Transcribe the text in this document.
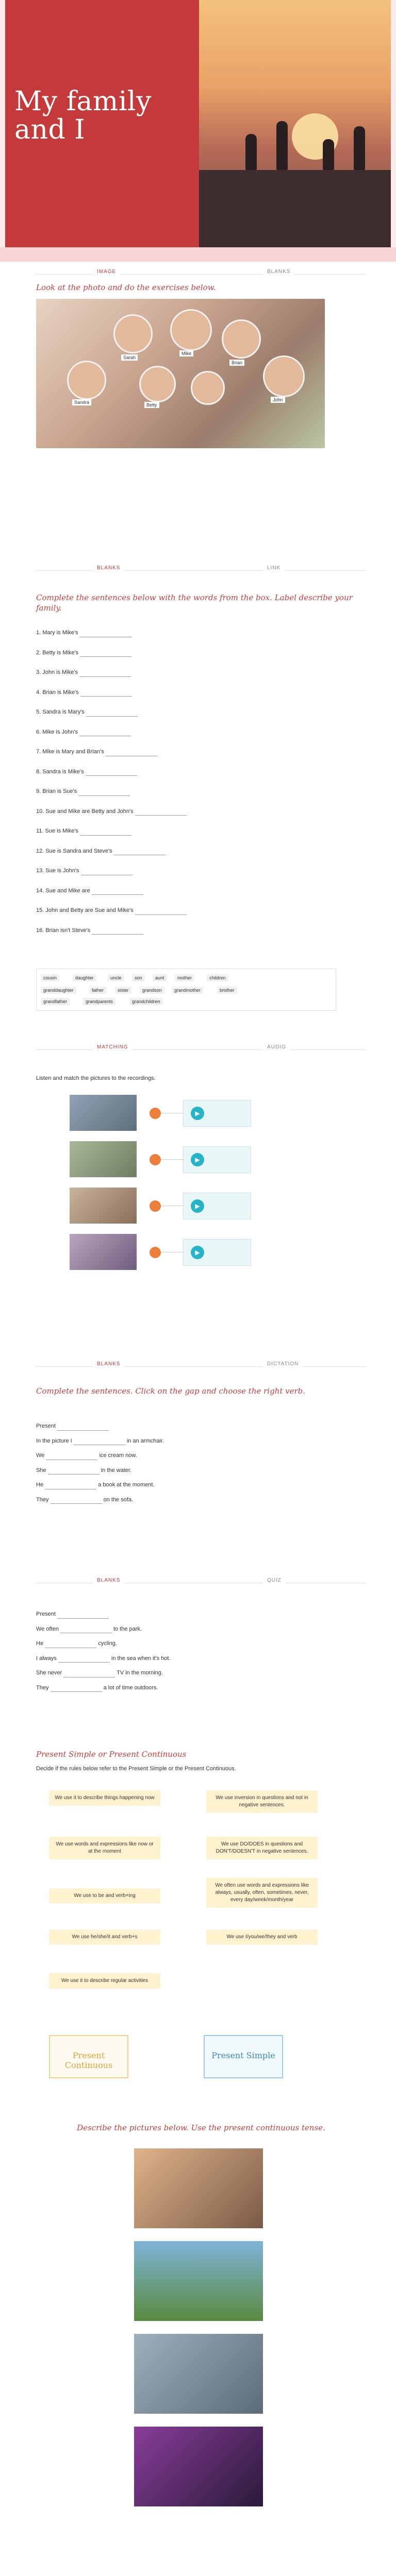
My family and I
IMAGE	BLANKS
Look at the photo and do the exercises below.
Sarah
Mike
Brian
Sandra	Betty
John
BLANKS	LINK
Complete the sentences below with the words from the box. Label describe your family.
1. Mary is Mike's
2. Betty is Mike's
3. John is Mike's
4. Brian is Mike's
5. Sandra is Mary's
6. Mike is John's
7. Mike is Mary and Brian's
8. Sandra is Mike's
9. Brian is Sue's
10. Sue and Mike are Betty and John's
11. Sue is Mike's
12. Sue is Sandra and Steve's
13. Sue is John's
14. Sue and Mike are
15. John and Betty are Sue and Mike's
16. Brian isn't Steve's
cousin	daughter	uncle	son	aunt	mother	children
granddaughter	father	sister	grandson	grandmother	brother
grandfather	grandparents	grandchildren
MATCHING	AUDIO
Listen and match the pictures to the recordings.
▶
▶
▶
▶
BLANKS	DICTATION
Complete the sentences. Click on the gap and choose the right verb.
Present
In the picture I	in an armchair.
We	ice cream now.
She	in the water.
He	a book at the moment.
They	on the sofa.
BLANKS	QUIZ
Present
We often	to the park.
He	cycling.
I always	in the sea when it's hot.
She never	TV in the morning.
They	a lot of time outdoors.
Present Simple or Present Continuous
Decide if the rules below refer to the Present Simple or the Present Continuous.
We use it to describe things happening now	We use inversion in questions and not in negative sentences.
We use words and expressions like now or at the moment
We use DO/DOES in questions and DON'T/DOESN'T in negative sentences.
We use to be and verb+ing
We often use words and expressions like always, usually, often, sometimes, never, every day/week/month/year
We use he/she/it and verb+s	We use I/you/we/they and verb
We use it to describe regular activities
Present Continuous
Present Simple
Describe the pictures below. Use the present continuous tense.
